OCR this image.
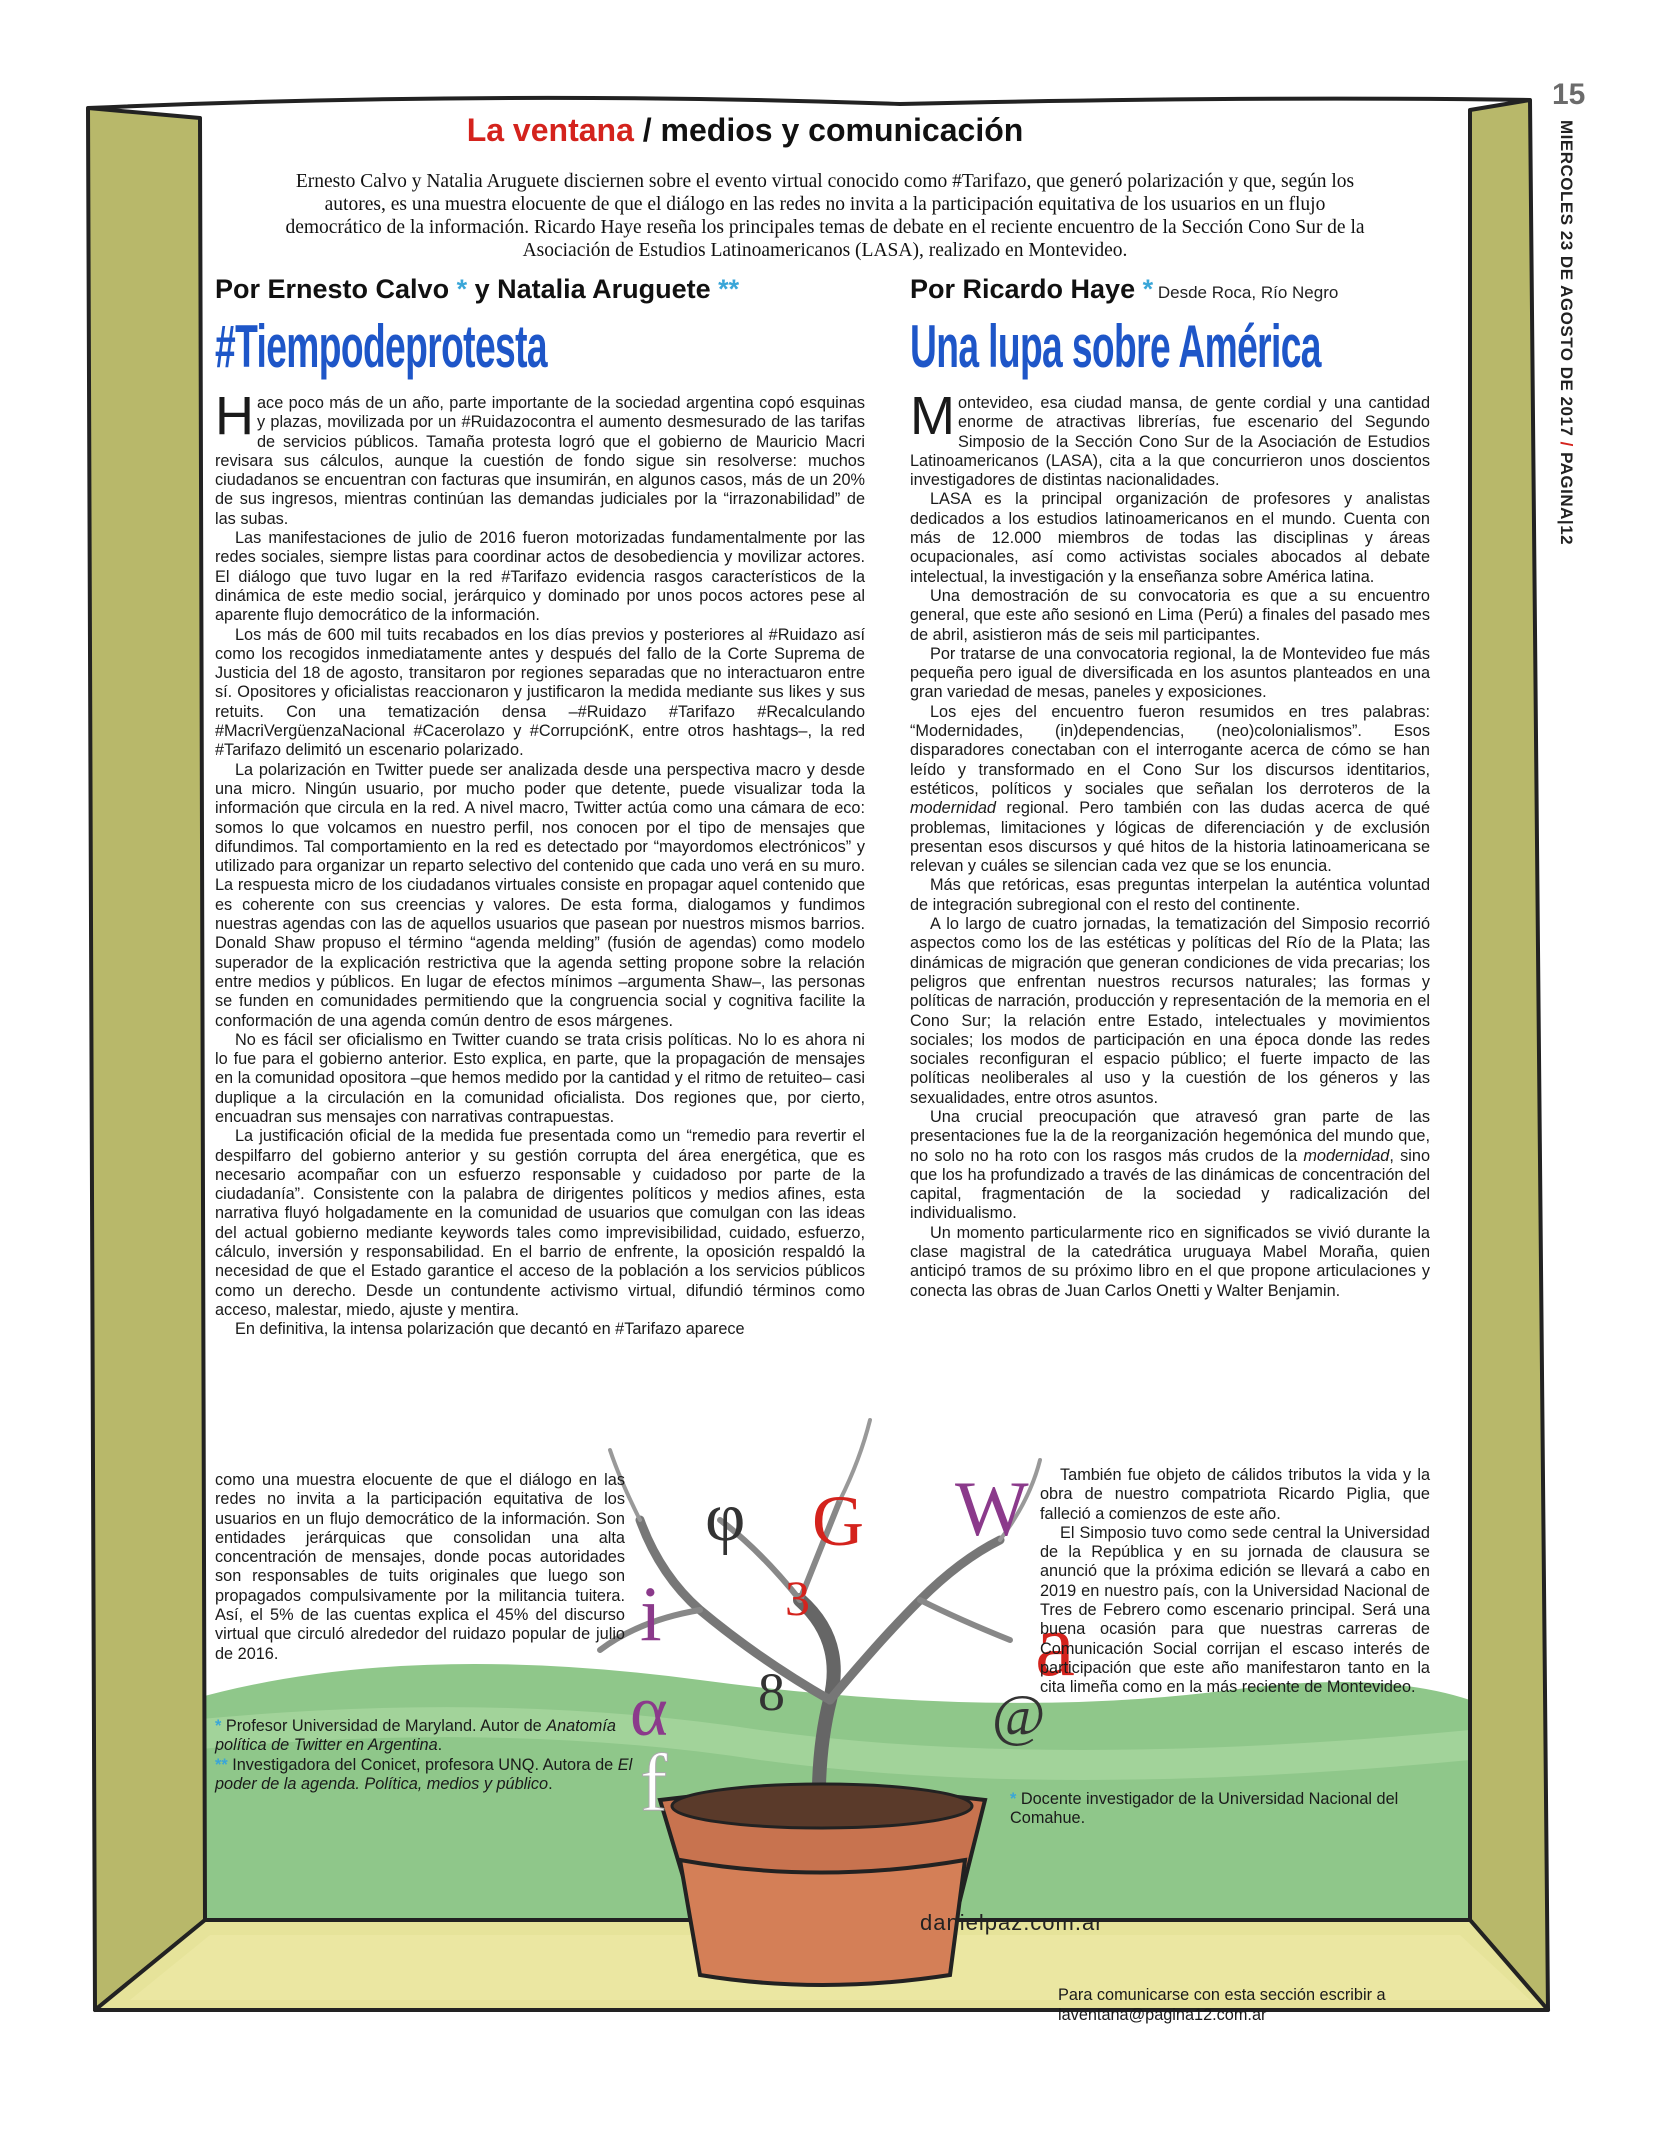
φ G W
3
i
α 8	a
@
f
15
MIERCOLES 23 DE AGOSTO DE 2017 / PAGINA|12
La ventana / medios y comunicación
Ernesto Calvo y Natalia Aruguete disciernen sobre el evento virtual conocido como #Tarifazo, que generó polarización y que, según los autores, es una muestra elocuente de que el diálogo en las redes no invita a la participación equitativa de los usuarios en un flujo democrático de la información. Ricardo Haye reseña los principales temas de debate en el reciente encuentro de la Sección Cono Sur de la Asociación de Estudios Latinoamericanos (LASA), realizado en Montevideo.
Por Ernesto Calvo * y Natalia Aruguete **
#Tiempodeprotesta

Hace poco más de un año, parte importante de la sociedad argentina copó esquinas y plazas, movilizada por un #Ruidazocontra el aumento desmesurado de las tarifas de servicios públicos. Tamaña protesta logró que el gobierno de Mauricio Macri revisara sus cálculos, aunque la cuestión de fondo sigue sin resolverse: muchos ciudadanos se encuentran con facturas que insumirán, en algunos casos, más de un 20% de sus ingresos, mientras continúan las demandas judiciales por la “irrazonabilidad” de las subas.

Las manifestaciones de julio de 2016 fueron motorizadas fundamentalmente por las redes sociales, siempre listas para coordinar actos de desobediencia y movilizar actores. El diálogo que tuvo lugar en la red #Tarifazo evidencia rasgos característicos de la dinámica de este medio social, jerárquico y dominado por unos pocos actores pese al aparente flujo democrático de la información.

Los más de 600 mil tuits recabados en los días previos y posteriores al #Ruidazo así como los recogidos inmediatamente antes y después del fallo de la Corte Suprema de Justicia del 18 de agosto, transitaron por regiones separadas que no interactuaron entre sí. Opositores y oficialistas reaccionaron y justificaron la medida mediante sus likes y sus retuits. Con una tematización densa –#Ruidazo #Tarifazo #Recalculando #MacriVergüenzaNacional #Cacerolazo y #CorrupciónK, entre otros hashtags–, la red #Tarifazo delimitó un escenario polarizado.

La polarización en Twitter puede ser analizada desde una perspectiva macro y desde una micro. Ningún usuario, por mucho poder que detente, puede visualizar toda la información que circula en la red. A nivel macro, Twitter actúa como una cámara de eco: somos lo que volcamos en nuestro perfil, nos conocen por el tipo de mensajes que difundimos. Tal comportamiento en la red es detectado por “mayordomos electrónicos” y utilizado para organizar un reparto selectivo del contenido que cada uno verá en su muro. La respuesta micro de los ciudadanos virtuales consiste en propagar aquel contenido que es coherente con sus creencias y valores. De esta forma, dialogamos y fundimos nuestras agendas con las de aquellos usuarios que pasean por nuestros mismos barrios. Donald Shaw propuso el término “agenda melding” (fusión de agendas) como modelo superador de la explicación restrictiva que la agenda setting propone sobre la relación entre medios y públicos. En lugar de efectos mínimos –argumenta Shaw–, las personas se funden en comunidades permitiendo que la congruencia social y cognitiva facilite la conformación de una agenda común dentro de esos márgenes.

No es fácil ser oficialismo en Twitter cuando se trata crisis políticas. No lo es ahora ni lo fue para el gobierno anterior. Esto explica, en parte, que la propagación de mensajes en la comunidad opositora –que hemos medido por la cantidad y el ritmo de retuiteo– casi duplique a la circulación en la comunidad oficialista. Dos regiones que, por cierto, encuadran sus mensajes con narrativas contrapuestas.

La justificación oficial de la medida fue presentada como un “remedio para revertir el despilfarro del gobierno anterior y su gestión corrupta del área energética, que es necesario acompañar con un esfuerzo responsable y cuidadoso por parte de la ciudadanía”. Consistente con la palabra de dirigentes políticos y medios afines, esta narrativa fluyó holgadamente en la comunidad de usuarios que comulgan con las ideas del actual gobierno mediante keywords tales como imprevisibilidad, cuidado, esfuerzo, cálculo, inversión y responsabilidad. En el barrio de enfrente, la oposición respaldó la necesidad de que el Estado garantice el acceso de la población a los servicios públicos como un derecho. Desde un contundente activismo virtual, difundió términos como acceso, malestar, miedo, ajuste y mentira.

En definitiva, la intensa polarización que decantó en #Tarifazo aparece

como una muestra elocuente de que el diálogo en las redes no invita a la participación equitativa de los usuarios en un flujo democrático de la información. Son entidades jerárquicas que consolidan una alta concentración de mensajes, donde pocas autoridades son responsables de tuits originales que luego son propagados compulsivamente por la militancia tuitera. Así, el 5% de las cuentas explica el 45% del discurso virtual que circuló alrededor del ruidazo popular de julio de 2016.

* Profesor Universidad de Maryland. Autor de Anatomía política de Twitter en Argentina.

** Investigadora del Conicet, profesora UNQ. Autora de El poder de la agenda. Política, medios y público.

Por Ricardo Haye * Desde Roca, Río Negro
Una lupa sobre América

Montevideo, esa ciudad mansa, de gente cordial y una cantidad enorme de atractivas librerías, fue escenario del Segundo Simposio de la Sección Cono Sur de la Asociación de Estudios Latinoamericanos (LASA), cita a la que concurrieron unos doscientos investigadores de distintas nacionalidades.

LASA es la principal organización de profesores y analistas dedicados a los estudios latinoamericanos en el mundo. Cuenta con más de 12.000 miembros de todas las disciplinas y áreas ocupacionales, así como activistas sociales abocados al debate intelectual, la investigación y la enseñanza sobre América latina.

Una demostración de su convocatoria es que a su encuentro general, que este año sesionó en Lima (Perú) a finales del pasado mes de abril, asistieron más de seis mil participantes.

Por tratarse de una convocatoria regional, la de Montevideo fue más pequeña pero igual de diversificada en los asuntos planteados en una gran variedad de mesas, paneles y exposiciones.

Los ejes del encuentro fueron resumidos en tres palabras: “Modernidades, (in)dependencias, (neo)colonialismos”. Esos disparadores conectaban con el interrogante acerca de cómo se han leído y transformado en el Cono Sur los discursos identitarios, estéticos, políticos y sociales que señalan los derroteros de la modernidad regional. Pero también con las dudas acerca de qué problemas, limitaciones y lógicas de diferenciación y de exclusión presentan esos discursos y qué hitos de la historia latinoamericana se relevan y cuáles se silencian cada vez que se los enuncia.

Más que retóricas, esas preguntas interpelan la auténtica voluntad de integración subregional con el resto del continente.

A lo largo de cuatro jornadas, la tematización del Simposio recorrió aspectos como los de las estéticas y políticas del Río de la Plata; las dinámicas de migración que generan condiciones de vida precarias; los peligros que enfrentan nuestros recursos naturales; las formas y políticas de narración, producción y representación de la memoria en el Cono Sur; la relación entre Estado, intelectuales y movimientos sociales; los modos de participación en una época donde las redes sociales reconfiguran el espacio público; el fuerte impacto de las políticas neoliberales al uso y la cuestión de los géneros y las sexualidades, entre otros asuntos.

Una crucial preocupación que atravesó gran parte de las presentaciones fue la de la reorganización hegemónica del mundo que, no solo no ha roto con los rasgos más crudos de la modernidad, sino que los ha profundizado a través de las dinámicas de concentración del capital, fragmentación de la sociedad y radicalización del individualismo.

Un momento particularmente rico en significados se vivió durante la clase magistral de la catedrática uruguaya Mabel Moraña, quien anticipó tramos de su próximo libro en el que propone articulaciones y conecta las obras de Juan Carlos Onetti y Walter Benjamin.

También fue objeto de cálidos tributos la vida y la obra de nuestro compatriota Ricardo Piglia, que falleció a comienzos de este año.

El Simposio tuvo como sede central la Universidad de la República y en su jornada de clausura se anunció que la próxima edición se llevará a cabo en 2019 en nuestro país, con la Universidad Nacional de Tres de Febrero como escenario principal. Será una buena ocasión para que nuestras carreras de Comunicación Social corrijan el escaso interés de participación que este año manifestaron tanto en la cita limeña como en la más reciente de Montevideo.

* Docente investigador de la Universidad Nacional del Comahue.

danielpaz.com.ar
Para comunicarse con esta sección escribir a
laventana@pagina12.com.ar
